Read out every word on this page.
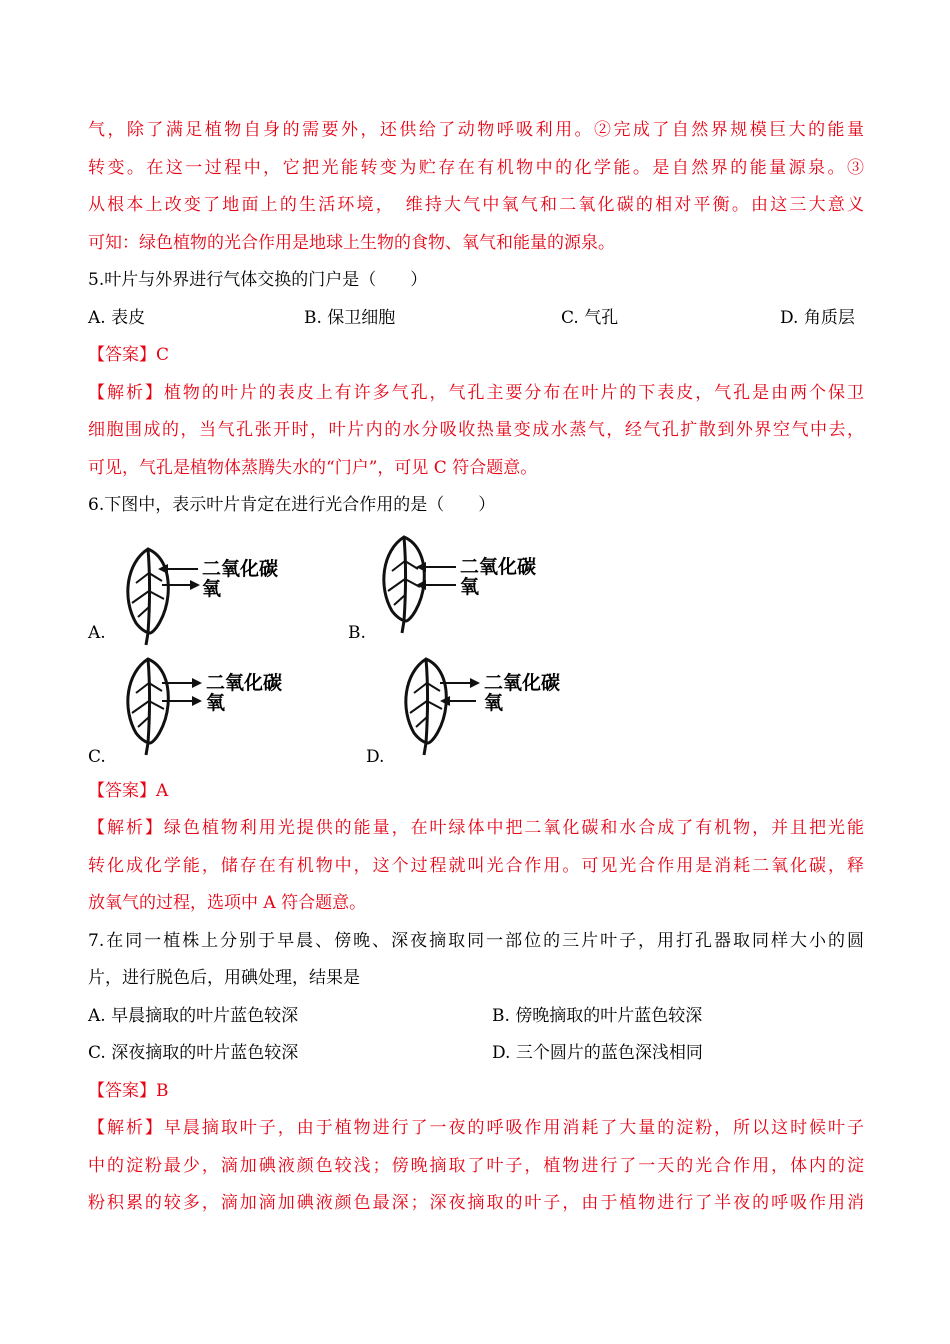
气，除了满足植物自身的需要外，还供给了动物呼吸利用。②完成了自然界规模巨大的能量
转变。在这一过程中，它把光能转变为贮存在有机物中的化学能。是自然界的能量源泉。③
从根本上改变了地面上的生活环境，　维持大气中氧气和二氧化碳的相对平衡。由这三大意义
可知：绿色植物的光合作用是地球上生物的食物、氧气和能量的源泉。
5.叶片与外界进行气体交换的门户是（　　）
A. 表皮	B. 保卫细胞	C. 气孔	D. 角质层
【答案】C
【解析】植物的叶片的表皮上有许多气孔，气孔主要分布在叶片的下表皮，气孔是由两个保卫
细胞围成的，当气孔张开时，叶片内的水分吸收热量变成水蒸气，经气孔扩散到外界空气中去，
可见，气孔是植物体蒸腾失水的“门户”，可见 C 符合题意。
6.下图中，表示叶片肯定在进行光合作用的是（　　）
A.
二氧化碳
氧
B.
二氧化碳
氧
C.
二氧化碳
氧
D.
二氧化碳
氧
【答案】A
【解析】绿色植物利用光提供的能量，在叶绿体中把二氧化碳和水合成了有机物，并且把光能
转化成化学能，储存在有机物中，这个过程就叫光合作用。可见光合作用是消耗二氧化碳，释
放氧气的过程，选项中 A 符合题意。
7.在同一植株上分别于早晨、傍晚、深夜摘取同一部位的三片叶子，用打孔器取同样大小的圆
片，进行脱色后，用碘处理，结果是
A. 早晨摘取的叶片蓝色较深	B. 傍晚摘取的叶片蓝色较深
C. 深夜摘取的叶片蓝色较深	D. 三个圆片的蓝色深浅相同
【答案】B
【解析】早晨摘取叶子，由于植物进行了一夜的呼吸作用消耗了大量的淀粉，所以这时候叶子
中的淀粉最少，滴加碘液颜色较浅；傍晚摘取了叶子，植物进行了一天的光合作用，体内的淀
粉积累的较多，滴加滴加碘液颜色最深；深夜摘取的叶子，由于植物进行了半夜的呼吸作用消
